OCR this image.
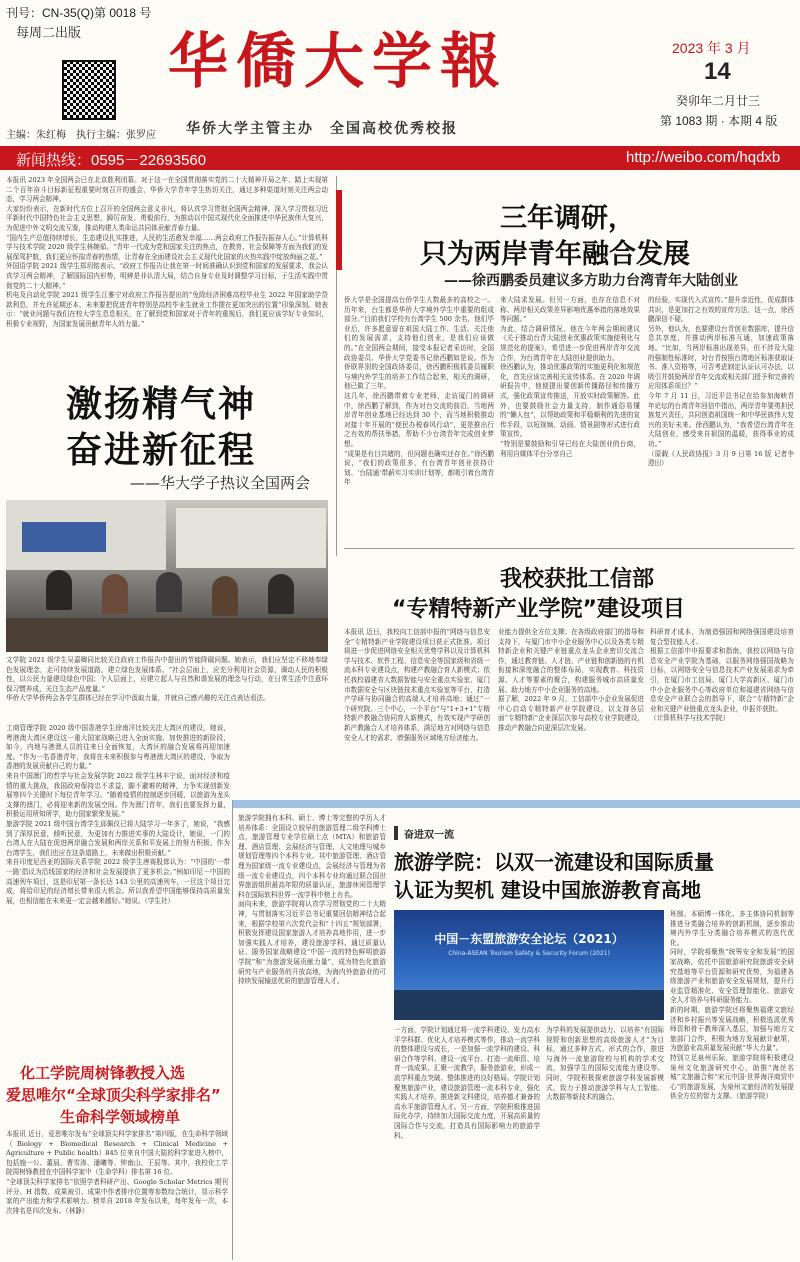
刊号：CN-35(Q)第 0018 号
每周二出版
主编：朱红梅　执行主编：张罗应
华僑大学報
华侨大学主管主办　全国高校优秀校报
2023 年 3 月
14
癸卯年二月廿三
第 1083 期 · 本期 4 版
新闻热线：0595－22693560	http://weibo.com/hqdxb
本报讯 2023 年全国两会已在北京胜利闭幕。对于这一在全国贯彻落实党的二十大精神开局之年、踏上实现第二个百年奋斗目标新征程重要时刻召开的盛会，华侨大学青年学生热切关注，通过多种渠道时刻关注两会动态，学习两会精神。
大家纷纷表示，在新时代方位上召开的全国两会意义非凡，将认真学习贯彻全国两会精神，深入学习贯彻习近平新时代中国特色社会主义思想，踔厉奋发、勇毅前行，为推动以中国式现代化全面推进中华民族伟大复兴，为促进中外文明交流互鉴，推动构建人类命运共同体贡献青春力量。
“国内生产总值持续增长，生态建设扎实推进，人民的生活愈发幸福……两会政府工作报告振奋人心。”计算机科学与技术学院 2020 级学生林婉茹。“青年一代成为党和国家关注的焦点，在教育、社会保障等方面为我们的发展保驾护航，我们更应怀揣青春的热情，让青春在全面建设社会主义现代化国家的火热实践中绽放绚丽之花。”
外国语学院 2021 级学生郑玥铭表示，“政府工作报告让我在第一时间准确认识到党和国家的发展要求，我会认真学习两会精神，了解国际国内形势，明辨是非认清大局，结合自身专业及时调整学习目标，于生活实践中贯彻党的二十大精神。”
机电及自动化学院 2021 级学生江雅宁对政府工作报告提出的“免除经济困难高校毕业生 2022 年国家助学贷款利息，并允许延期还本，未来要把促进青年特别是高校毕业生就业工作摆在更加突出的位置”印象深刻。她表示：“就业问题与我们在校大学生息息相关，在了解到党和国家对于青年的重视后，我们更应该学好专业知识，积极专业视野，为国家发展贡献青年人的力量。”
激扬精气神
奋进新征程
——华大学子热议全国两会
文学院 2021 级学生吴嘉卿同比较关注政府工作报告中提出的节能降碳问题。她表示，我们应坚定不移地奉绿色发展理念，走可持续发展道路，建立绿色发展体系。“社会层面上，应充分利用社会资源，调动人民的积极性，以公民力量建设绿色中国；个人层面上，应建立起人与自然和谐发展的理念与行动，在日常生活中注意环保习惯养成，关注生态产品度量。”
华侨大学华侨两会各学生群体已经在学习中汲取力量，并就自己感兴趣的关注点表达看法。
工商管理学院 2020 级中国香港学生徐南洋比较关注大湾区的建设，她说，粤港澳大湾区建设这一重大国家战略已进入全面实施、加快推进的新阶段，如今，内地与港澳人员的往来日全面恢复，大湾区的融合发展将再迎加速度。“作为一名香港青年，我将在未来积极参与粤港澳大湾区的建设，争取为香港的发展贡献自己的力量。”
来自中国澳门的哲学与社会发展学院 2022 级学生林丰宁说，面对经济和疫情的重大挑战，我国政府保持忠不求益，脚不避难的精神，力争实现创新发展等四个关键时下每位青年学习。“随着疫情的控制逐步回暖，以旅游为龙头支撑的澳门，必将迎来新的发展空间。作为澳门青年，我们也要发挥力量，积极运用所知所学，助力国家繁荣发展。”
旅游学院 2021 级中国台湾学生邱佩仪已将大陆学习一年多了，她说，“我感到了深厚民意，倾听民意，为更加有力推进实事的大陆设计，她说，一门的台湾人在大陆在促进两岸融合发展和两岸关系和平发展上的努力积极。作为台湾学生，我们也应在这条道路上，未来做出积极贡献。”
来自印度尼西亚的国际关系学院 2022 级学生唐赛股郎认为：“中国的‘一带一路’倡议为沿线国家的经济和社会发展提供了更多机会。”例如印尼－中国的高速列车项目，这是印尼第一条长达 143 公里的高速列车，一旦这个项目完成，将给印尼的经济增长带来很大机会。所以我希望中国能够保持高质量发展，也相信能在未来更一定会越来越好。”她说。（学生社）
化工学院周树锋教授入选
爱思唯尔“全球顶尖科学家排名”
生命科学领域榜单
本报讯 近日，爱思唯尔发布“全球顶尖科学家排名”第四版，在生命科学领域（Biology + Biomedical Research + Clinical Medicine + Agriculture + Public health）845 位来自中国大陆的科学家进入榜中，包括施一公、董晨、曹雪涛、潘曦等、钟南山、王辰等。其中，我校化工学院周树锋教授在中国科学家中（生命学科）排名第 16 位。
“全球顶尖科学家排名”依照学者科研产出、Google Scholar Metrics 期刊评分、H 指数、成果被引、成果中作者排序位置等参数综合统计，显示科学家的产出能力和学术影响力。榜单自 2018 年发布以来，每年发布一次，本次排名是四次发布。（林静）
三年调研，
只为两岸青年融合发展
——徐西鹏委员建议多方助力台湾青年大陆创业
侨大学是全国提高台侨学生人数最多的高校之一。历年来，台生都是华侨大学境外学生中重要的组成部分。”目前我们学校有台湾学生 500 余名，他们毕业后，许多愿意留在祖国大陆工作、生活。关注他们的发展需求，支持他们创业，是我们应该做的。”在全国两会期间，接受本报记者采访时，全国政协委员、华侨大学党委书记徐西鹏如是说。作为侨联界别的全国政协委员，徐西鹏积极抓委员履职与境内外学生的培养工作结合起来，相关的调研，他已做了三年。
这几年，徐西鹏带着专业老师，走访厦门的调研中，徐西鹏了解到，作为对台交流的前沿，当地两岸青年创业基地已经达到 30 个，而当地积极推动对接十年开展的“便民办税春风行动”，更是推出行之有效的帮扶举措，帮助不少台湾青年完成创业梦想。
“成果是有目共睹的，但问题也确实还存在。”徐西鹏说，“我们的政策很多，有台湾青年创业扶持计划、‘台陆通’带薪实习实训计划等，都吸引着台湾青年
来大陆求发展。但另一方面，也存在信息不对称、两岸相关政策差异影响优惠举措的落地效果等问题。”
为此，结合调研情况，他在今年两会期间建议《关于推动台青大陆创业优惠政策实施便利化与规范化的提案》，希望进一步促进两岸青年交流合作，为台湾青年在大陆创业提供助力。
徐西鹏认为，推动优惠政策的实施更利化和规范化，首先应该完善相关宣传体系。在 2020 年调研报告中，他便提出要创新传播路径和传播方式，强化政策宣传推送，开放实时政策解答。此外，也要鼓励社会力量支持，制作通俗易懂的“懒人包”，以帮助政策和平稳顺利的先进的宣传手段，以短视频、动画、情景剧等形式进行政策宣传。
“特别是要鼓励和引导已经在大陆创业的台商，利用自媒体平台分享自己
的经验，实现代入式宣传。”提升亲近性，促成群体共识，是更加打之有效的宣传方法，这一点，徐西鹏深信不疑。
另外，他认为，也要建设台青创业数据库，提升信息共享度，并推动两岸标准互通，加速政策落地。“比如，当两岸标准出现差异，但不涉及大陆的强制性标准时，对台青按照台湾地区标准获取证书、准入资格等，可否考虑制定认证认可办法，以吸引并鼓励两岸青年交流或相关部门授予和完善的应用体系项目？”
今年 7 月 11 日，习近平总书记在给参加海峡青年论坛的台湾青年回信中指出，两岸青年要勇担民族复兴责任，共同创造祖国统一和中华民族伟大复兴的美好未来。徐西鹏认为，“我希望台湾青年在大陆创业，感受来自祖国的温暖，获得事业的成功。”
（原载《人民政协报》3 月 9 日第 16 版 记者李澄田）
我校获批工信部
“专精特新产业学院”建设项目
本报讯 近日，我校向工信部申报的“网络与信息安全”专精特新产业学院建设项目获正式批准。项目将进一步促进网络安全相关优势学科以及计算机科学与技术、软件工程、信息安全等国家级和省级一流本科专业建设点，构建产教融合育人新模式；依托我校福建省大数据智能与安全重点实验室、厦门市数据安全与区块链技术重点实验室等平台，打造产学研与协同融合的高端人才培养高地；通过“一个研究院、三个中心，一个平台”与“1+3+1”专精特新产教融合协同育人新模式，有效实现产学研创新产教融合人才培养体系，满足地方对网络与信息安全人才的需求，增强服务区域地方经济能力。
业能力提供全方位支撑；在各级政府部门的指导和支持下，与厦门市中小企业服务中心以及各类专精特新企业和关键产业链重点龙头企业密切交流合作，通过教育链、人才链、产业链和创新链的有机衔接和深度融合的整体布局，实现教育、科技资源、人才等要素的聚合，构建服务城市高质量发展、助力地方中小企业服务的高地。
据了解，2022 年 9 月，工信部中小企业发展促进中心启动专精特新产业学院建设，以支持各层面“专精特新”企业深层次参与高校专业学院建设，推动产教融合向更深层次发展。
科研育才成本，为制造强国和网络强国建设培育复合型技能人才。
根据工信部中申报要求和指南，我校以网络与信息安全产业学院为基础，以服务网络强国战略为目标，以网络安全与信息技术产业发展需求为牵引，在厦门市工信局、厦门大学高新区、厦门市中小企业服务中心等政府单位和福建省网络与信息安全产业联合会的指导下，联合“专精特新”企业和关键产业链重点龙头企业，申报并获批。
（计算机科学与技术学院）
旅游学院拥有本科、硕士、博士等完整的学历人才培养体系：全国设立较早的旅游管理二级学科博士点，旅游管理专业学位硕士点（MTA）和旅游管理、酒店管理、会展经济与管理、人文地理与城乡规划管理等四个本科专业。其中旅游管理、酒店管理为国家级一流专业建设点，会展经济与管理为省级一流专业建设点，四个本科专业均通过联合国世界旅游组织最高年限的质量认证，旅游休闲管理学科在国际软科世界一流学科中榜上有名。
面向未来，旅游学院将认真学习贯彻党的二十大精神，与贯彻落实习近平总书记重要回信精神结合起来，根据学校第六次党代会和“十四五”规划部署，积极发挥建设国家旅游人才培养高地作用，进一步加强实践人才培养，建设旅游学科、通过质量认证、服务国家战略建设“中国一流的特色鲜明旅游学院”和“为旅游发展贡献力量”，成为特色化旅游研究与产业服务的开放高地，为海内外旅游业的可持续发展输送优质的旅游管理人才。
奋进双一流
旅游学院：以双一流建设和国际质量
认证为契机 建设中国旅游教育高地
中国－东盟旅游安全论坛（2021）
China-ASEAN Tourism Safety & Security Forum (2021)
一方面，学院计划通过将一流学科建设、发力高水平学科群、优化人才培养模式等作，推动一流学科的整体建设与成长，一是加强一流学科的建设、科研合作等学科、建设一流平台、打造一流师资、培育一流成果、汇聚一流教学，服务旅游业，形成一流学科重点突破、整体推进的良好格局。学院计划聚焦旅游产业，建设旅游管理一流本科专业，强化实践人才培养，推进新文科建设，培养德才兼备的高水平旅游管理人才。另一方面，学院积极推进国际化办学，持续加大国际交流力度，开展高质量的国际合作与交流，打造具有国际影响力的旅游学科。
为学科的发展提供动力、以培养“有国际视野和创新思想的高级旅游人才”为目标，通过多种方式、形式的合作，推进与海外一流旅游院校与机构的学术交流，加强学生的国际交流能力建设等。同时，学院积极探索旅游学科发展新模式，致力于推动旅游学科与人工智能、大数据等新技术的融合。
班制、本硕博一体化、多主体协同机制等推进分类融合培养的创新机制，逐步推动境内外学生分类融合培养模式的迭代优化。
同时，学院将聚焦“统筹安全和发展”的国家战略，依托中国旅游研究院旅游安全研究基地等平台资源和研究优势，为福建各级旅游产业和旅游安全发展规划，提升行业监管精准化、安全管理智能化、旅游安全人才培养与科研服务能力。
新的时期，旅游学院还将聚焦福建文旅经济和乡村振兴等发展战略，积极选派优秀师资和骨干教师深入基层，加强与地方文旅部门合作，积极为地方发展献计献策，为旅游业高质量发展贡献“华大力量”。
特别立足泉州乐际，旅游学院将积极建设泉州文化旅游研究中心，助推“海丝名城”文旅融合和“宋元中国·世界海洋商贸中心”的旅游发展，为泉州文旅经济的发展提供全方位的智力支撑。（旅游学院）
